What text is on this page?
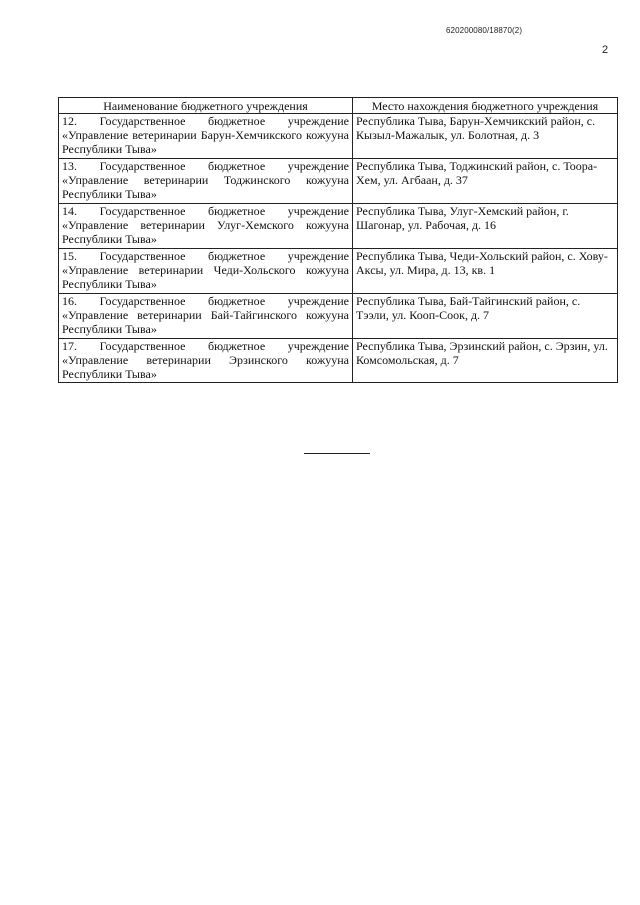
620200080/18870(2)
2
Наименование бюджетного учреждения	Место нахождения бюджетного учреждения
12. Государственное бюджетное учреждение «Управление ветеринарии Барун-Хемчикского кожууна Республики Тыва»	Республика Тыва, Барун-Хемчикский район, с. Кызыл-Мажалык, ул. Болотная, д. 3
13. Государственное бюджетное учреждение «Управление ветеринарии Тоджинского кожууна Республики Тыва»	Республика Тыва, Тоджинский район, с. Тоора-Хем, ул. Агбаан, д. 37
14. Государственное бюджетное учреждение «Управление ветеринарии Улуг-Хемского кожууна Республики Тыва»	Республика Тыва, Улуг-Хемский район, г. Шагонар, ул. Рабочая, д. 16
15. Государственное бюджетное учреждение «Управление ветеринарии Чеди-Хольского кожууна Республики Тыва»	Республика Тыва, Чеди-Хольский район, с. Хову-Аксы, ул. Мира, д. 13, кв. 1
16. Государственное бюджетное учреждение «Управление ветеринарии Бай-Тайгинского кожууна Республики Тыва»	Республика Тыва, Бай-Тайгинский район, с. Тээли, ул. Кооп-Соок, д. 7
17. Государственное бюджетное учреждение «Управление ветеринарии Эрзинского кожууна Республики Тыва»	Республика Тыва, Эрзинский район, с. Эрзин, ул. Комсомольская, д. 7
